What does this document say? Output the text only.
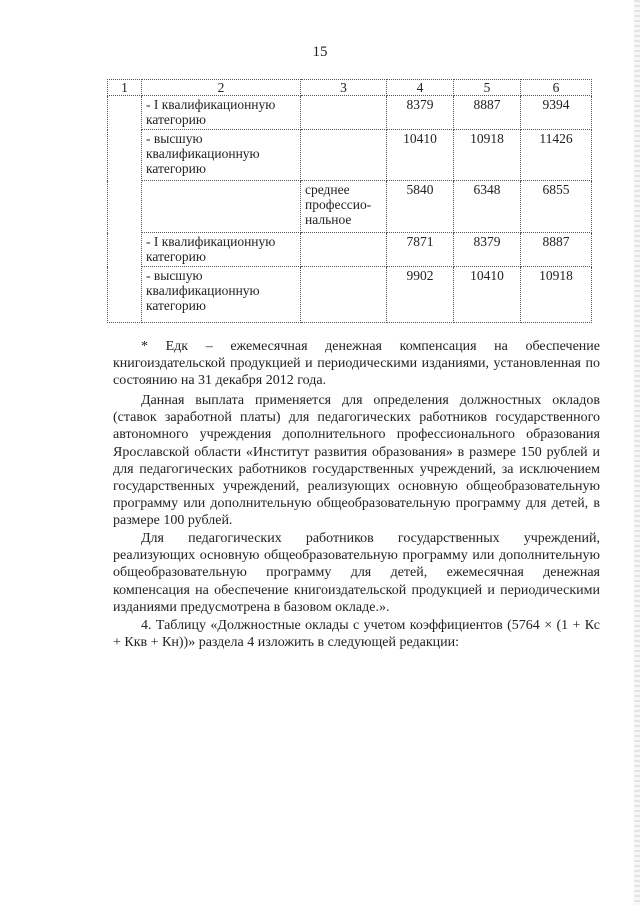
15
1	2	3	4	5	6
	- I квалификационную категорию		8379	8887	9394
	- высшую квалификационную категорию		10410	10918	11426
		среднее профессио-нальное	5840	6348	6855
	- I квалификационную категорию		7871	8379	8887
	- высшую квалификационную категорию		9902	10410	10918

* Едк – ежемесячная денежная компенсация на обеспечение книгоиздательской продукцией и периодическими изданиями, установленная по состоянию на 31 декабря 2012 года.

Данная выплата применяется для определения должностных окладов (ставок заработной платы) для педагогических работников государственного автономного учреждения дополнительного профессионального образования Ярославской области «Институт развития образования» в размере 150 рублей и для педагогических работников государственных учреждений, за исключением государственных учреждений, реализующих основную общеобразовательную программу или дополнительную общеобразовательную программу для детей, в размере 100 рублей.

Для педагогических работников государственных учреждений, реализующих основную общеобразовательную программу или дополнительную общеобразовательную программу для детей, ежемесячная денежная компенсация на обеспечение книгоиздательской продукцией и периодическими изданиями предусмотрена в базовом окладе.».

4. Таблицу «Должностные оклады с учетом коэффициентов (5764 × (1 + Кс + Ккв + Кн))» раздела 4 изложить в следующей редакции:
